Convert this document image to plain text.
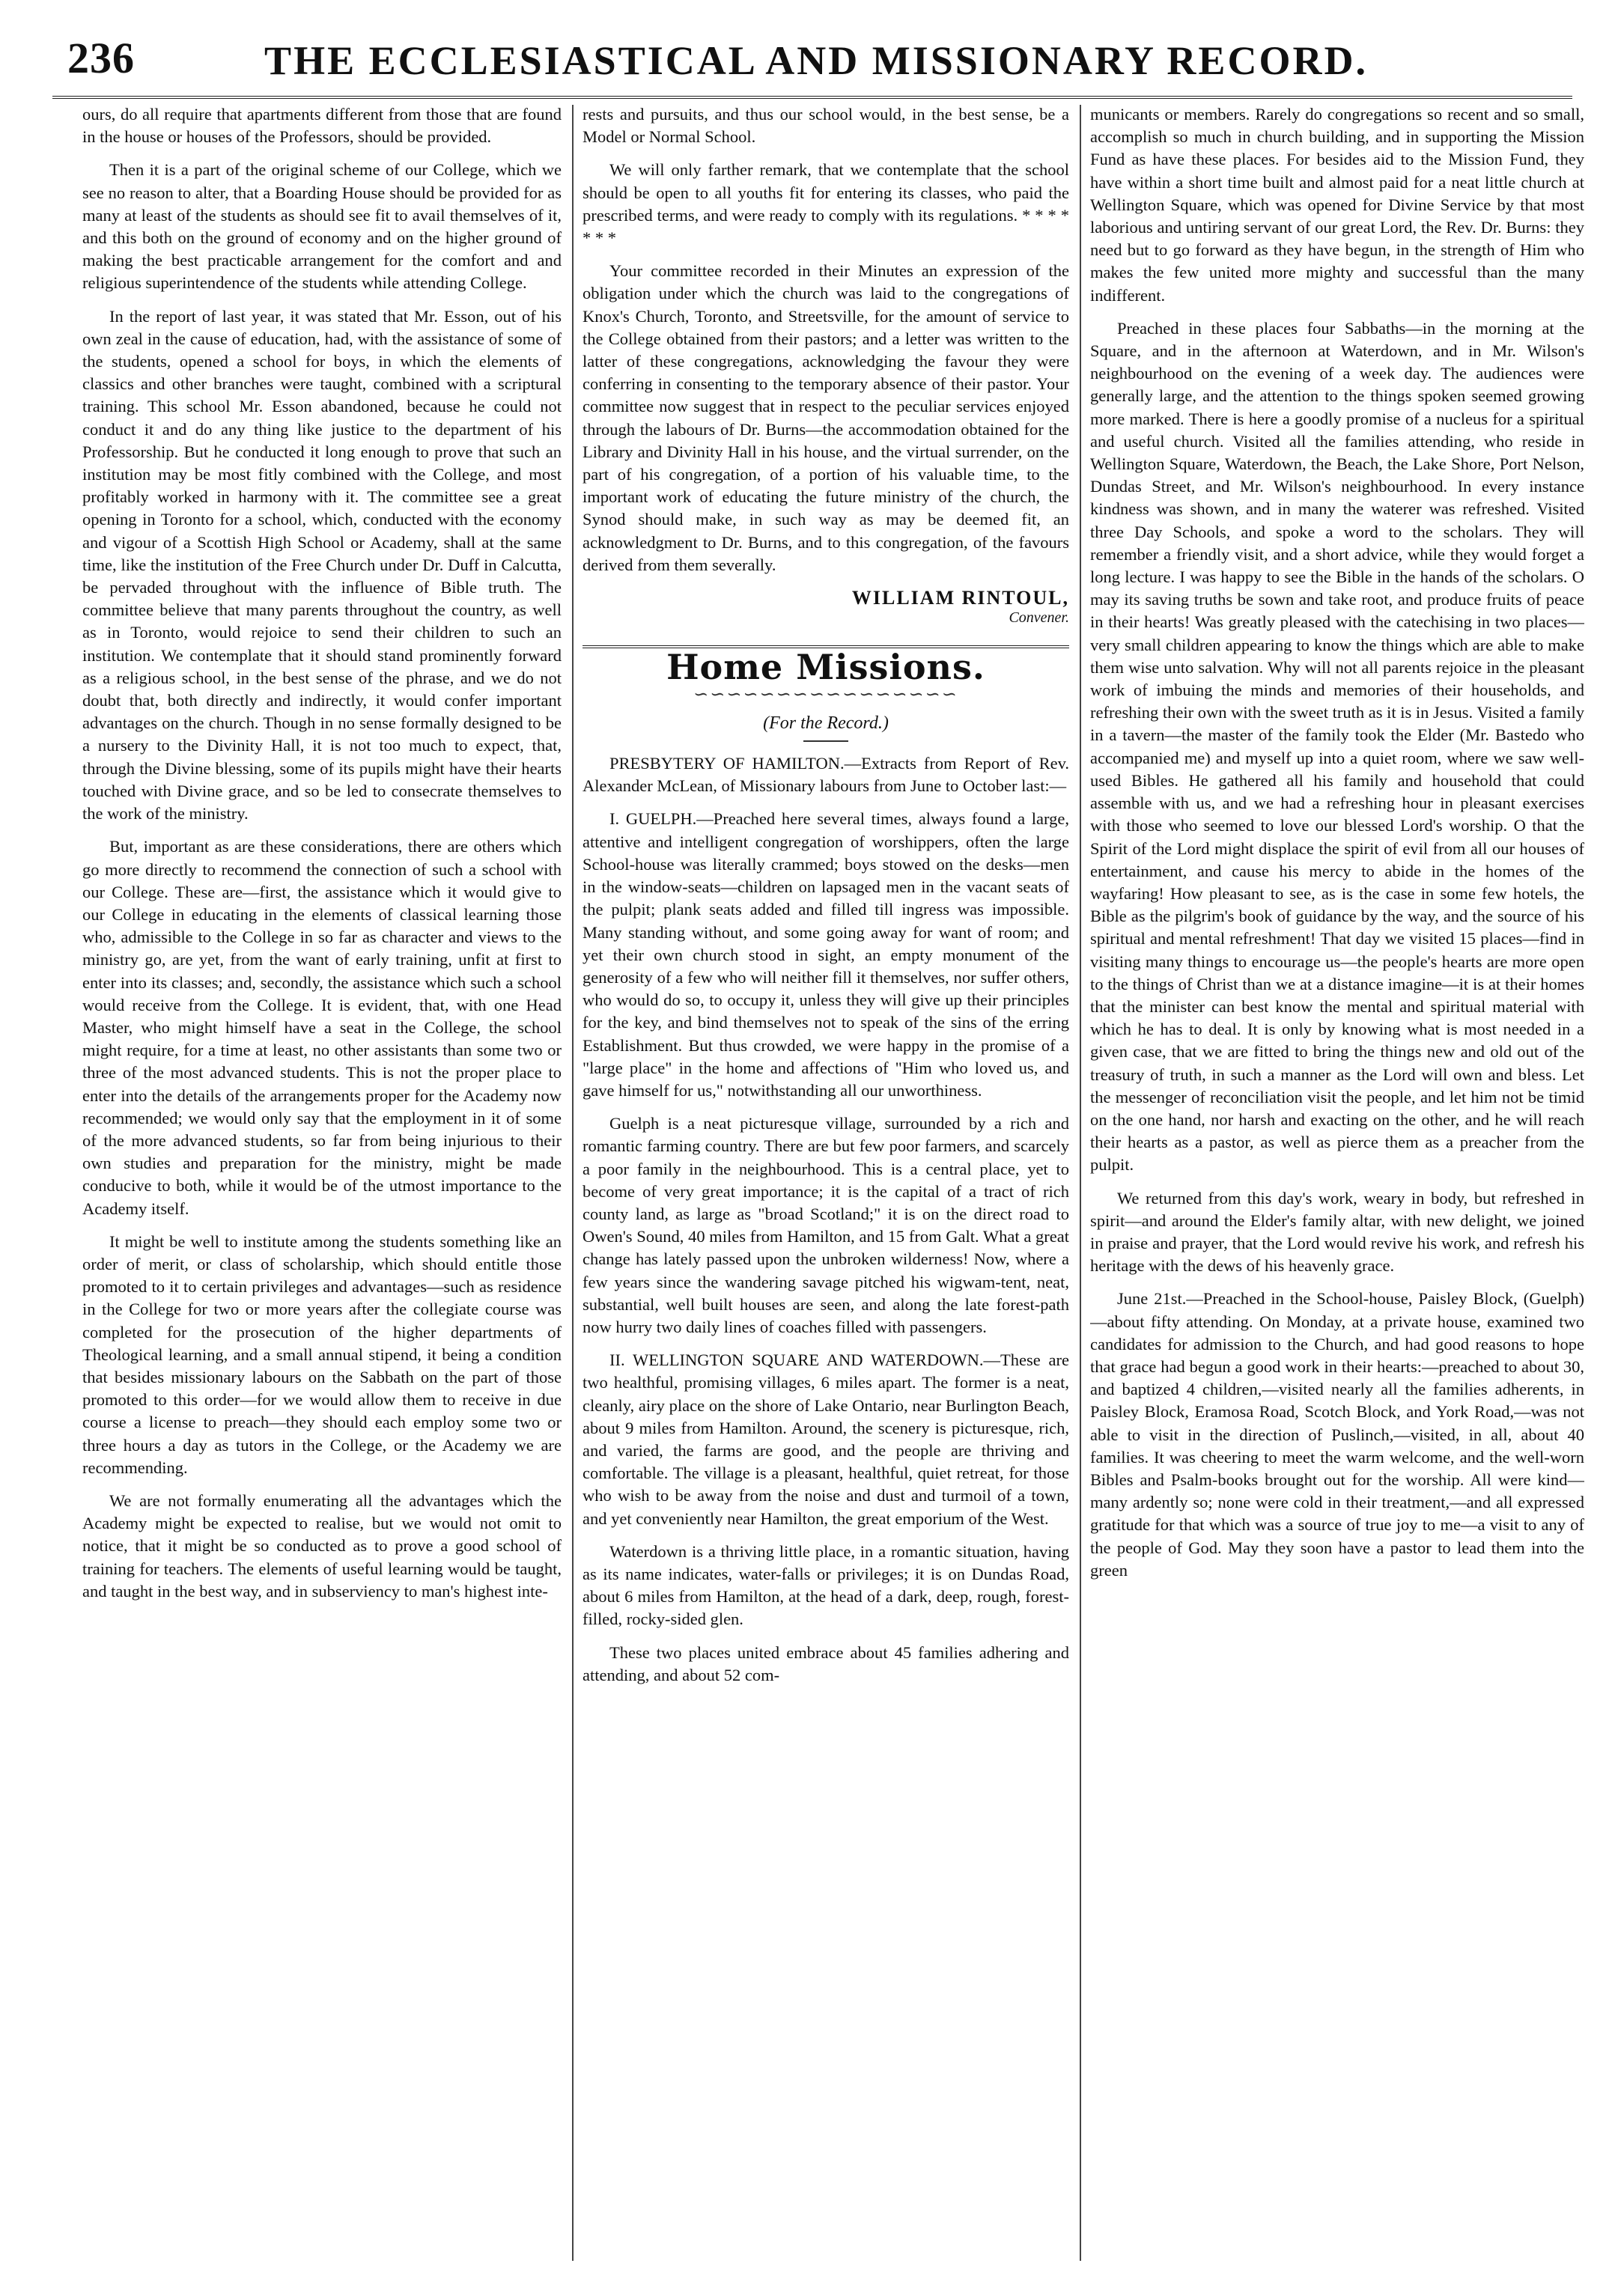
236	THE ECCLESIASTICAL AND MISSIONARY RECORD.

ours, do all require that apartments different from those that are found in the house or houses of the Professors, should be provided.

Then it is a part of the original scheme of our College, which we see no reason to alter, that a Boarding House should be provided for as many at least of the students as should see fit to avail themselves of it, and this both on the ground of economy and on the higher ground of making the best practicable arrangement for the comfort and and religious superintendence of the students while attending College.

In the report of last year, it was stated that Mr. Esson, out of his own zeal in the cause of education, had, with the assistance of some of the students, opened a school for boys, in which the elements of classics and other branches were taught, combined with a scriptural training. This school Mr. Esson abandoned, because he could not conduct it and do any thing like justice to the department of his Professorship. But he conducted it long enough to prove that such an institution may be most fitly combined with the College, and most profitably worked in harmony with it. The committee see a great opening in Toronto for a school, which, conducted with the economy and vigour of a Scottish High School or Academy, shall at the same time, like the institution of the Free Church under Dr. Duff in Calcutta, be pervaded throughout with the influence of Bible truth. The committee believe that many parents throughout the country, as well as in Toronto, would rejoice to send their children to such an institution. We contemplate that it should stand prominently forward as a religious school, in the best sense of the phrase, and we do not doubt that, both directly and indirectly, it would confer important advantages on the church. Though in no sense formally designed to be a nursery to the Divinity Hall, it is not too much to expect, that, through the Divine blessing, some of its pupils might have their hearts touched with Divine grace, and so be led to consecrate themselves to the work of the ministry.

But, important as are these considerations, there are others which go more directly to recommend the connection of such a school with our College. These are—first, the assistance which it would give to our College in educating in the elements of classical learning those who, admissible to the College in so far as character and views to the ministry go, are yet, from the want of early training, unfit at first to enter into its classes; and, secondly, the assistance which such a school would receive from the College. It is evident, that, with one Head Master, who might himself have a seat in the College, the school might require, for a time at least, no other assistants than some two or three of the most advanced students. This is not the proper place to enter into the details of the arrangements proper for the Academy now recommended; we would only say that the employment in it of some of the more advanced students, so far from being injurious to their own studies and preparation for the ministry, might be made conducive to both, while it would be of the utmost importance to the Academy itself.

It might be well to institute among the students something like an order of merit, or class of scholarship, which should entitle those promoted to it to certain privileges and advantages—such as residence in the College for two or more years after the collegiate course was completed for the prosecution of the higher departments of Theological learning, and a small annual stipend, it being a condition that besides missionary labours on the Sabbath on the part of those promoted to this order—for we would allow them to receive in due course a license to preach—they should each employ some two or three hours a day as tutors in the College, or the Academy we are recommending.

We are not formally enumerating all the advantages which the Academy might be expected to realise, but we would not omit to notice, that it might be so conducted as to prove a good school of training for teachers. The elements of useful learning would be taught, and taught in the best way, and in subserviency to man's highest inte-

rests and pursuits, and thus our school would, in the best sense, be a Model or Normal School.

We will only farther remark, that we contemplate that the school should be open to all youths fit for entering its classes, who paid the prescribed terms, and were ready to comply with its regulations. * * * * * * *

Your committee recorded in their Minutes an expression of the obligation under which the church was laid to the congregations of Knox's Church, Toronto, and Streetsville, for the amount of service to the College obtained from their pastors; and a letter was written to the latter of these congregations, acknowledging the favour they were conferring in consenting to the temporary absence of their pastor. Your committee now suggest that in respect to the peculiar services enjoyed through the labours of Dr. Burns—the accommodation obtained for the Library and Divinity Hall in his house, and the virtual surrender, on the part of his congregation, of a portion of his valuable time, to the important work of educating the future ministry of the church, the Synod should make, in such way as may be deemed fit, an acknowledgment to Dr. Burns, and to this congregation, of the favours derived from them severally.

WILLIAM RINTOUL,
Convener.
Home Missions.
∽∽∽∽∽∽∽∽∽∽∽∽∽∽∽∽
(For the Record.)

PRESBYTERY OF HAMILTON.—Extracts from Report of Rev. Alexander McLean, of Missionary labours from June to October last:—

I. GUELPH.—Preached here several times, always found a large, attentive and intelligent congregation of worshippers, often the large School-house was literally crammed; boys stowed on the desks—men in the window-seats—children on lapsaged men in the vacant seats of the pulpit; plank seats added and filled till ingress was impossible. Many standing without, and some going away for want of room; and yet their own church stood in sight, an empty monument of the generosity of a few who will neither fill it themselves, nor suffer others, who would do so, to occupy it, unless they will give up their principles for the key, and bind themselves not to speak of the sins of the erring Establishment. But thus crowded, we were happy in the promise of a "large place" in the home and affections of "Him who loved us, and gave himself for us," notwithstanding all our unworthiness.

Guelph is a neat picturesque village, surrounded by a rich and romantic farming country. There are but few poor farmers, and scarcely a poor family in the neighbourhood. This is a central place, yet to become of very great importance; it is the capital of a tract of rich county land, as large as "broad Scotland;" it is on the direct road to Owen's Sound, 40 miles from Hamilton, and 15 from Galt. What a great change has lately passed upon the unbroken wilderness! Now, where a few years since the wandering savage pitched his wigwam-tent, neat, substantial, well built houses are seen, and along the late forest-path now hurry two daily lines of coaches filled with passengers.

II. WELLINGTON SQUARE AND WATERDOWN.—These are two healthful, promising villages, 6 miles apart. The former is a neat, cleanly, airy place on the shore of Lake Ontario, near Burlington Beach, about 9 miles from Hamilton. Around, the scenery is picturesque, rich, and varied, the farms are good, and the people are thriving and comfortable. The village is a pleasant, healthful, quiet retreat, for those who wish to be away from the noise and dust and turmoil of a town, and yet conveniently near Hamilton, the great emporium of the West.

Waterdown is a thriving little place, in a romantic situation, having as its name indicates, water-falls or privileges; it is on Dundas Road, about 6 miles from Hamilton, at the head of a dark, deep, rough, forest-filled, rocky-sided glen.

These two places united embrace about 45 families adhering and attending, and about 52 com-

municants or members. Rarely do congregations so recent and so small, accomplish so much in church building, and in supporting the Mission Fund as have these places. For besides aid to the Mission Fund, they have within a short time built and almost paid for a neat little church at Wellington Square, which was opened for Divine Service by that most laborious and untiring servant of our great Lord, the Rev. Dr. Burns: they need but to go forward as they have begun, in the strength of Him who makes the few united more mighty and successful than the many indifferent.

Preached in these places four Sabbaths—in the morning at the Square, and in the afternoon at Waterdown, and in Mr. Wilson's neighbourhood on the evening of a week day. The audiences were generally large, and the attention to the things spoken seemed growing more marked. There is here a goodly promise of a nucleus for a spiritual and useful church. Visited all the families attending, who reside in Wellington Square, Waterdown, the Beach, the Lake Shore, Port Nelson, Dundas Street, and Mr. Wilson's neighbourhood. In every instance kindness was shown, and in many the waterer was refreshed. Visited three Day Schools, and spoke a word to the scholars. They will remember a friendly visit, and a short advice, while they would forget a long lecture. I was happy to see the Bible in the hands of the scholars. O may its saving truths be sown and take root, and produce fruits of peace in their hearts! Was greatly pleased with the catechising in two places—very small children appearing to know the things which are able to make them wise unto salvation. Why will not all parents rejoice in the pleasant work of imbuing the minds and memories of their households, and refreshing their own with the sweet truth as it is in Jesus. Visited a family in a tavern—the master of the family took the Elder (Mr. Bastedo who accompanied me) and myself up into a quiet room, where we saw well-used Bibles. He gathered all his family and household that could assemble with us, and we had a refreshing hour in pleasant exercises with those who seemed to love our blessed Lord's worship. O that the Spirit of the Lord might displace the spirit of evil from all our houses of entertainment, and cause his mercy to abide in the homes of the wayfaring! How pleasant to see, as is the case in some few hotels, the Bible as the pilgrim's book of guidance by the way, and the source of his spiritual and mental refreshment! That day we visited 15 places—find in visiting many things to encourage us—the people's hearts are more open to the things of Christ than we at a distance imagine—it is at their homes that the minister can best know the mental and spiritual material with which he has to deal. It is only by knowing what is most needed in a given case, that we are fitted to bring the things new and old out of the treasury of truth, in such a manner as the Lord will own and bless. Let the messenger of reconciliation visit the people, and let him not be timid on the one hand, nor harsh and exacting on the other, and he will reach their hearts as a pastor, as well as pierce them as a preacher from the pulpit.

We returned from this day's work, weary in body, but refreshed in spirit—and around the Elder's family altar, with new delight, we joined in praise and prayer, that the Lord would revive his work, and refresh his heritage with the dews of his heavenly grace.

June 21st.—Preached in the School-house, Paisley Block, (Guelph)—about fifty attending. On Monday, at a private house, examined two candidates for admission to the Church, and had good reasons to hope that grace had begun a good work in their hearts:—preached to about 30, and baptized 4 children,—visited nearly all the families adherents, in Paisley Block, Eramosa Road, Scotch Block, and York Road,—was not able to visit in the direction of Puslinch,—visited, in all, about 40 families. It was cheering to meet the warm welcome, and the well-worn Bibles and Psalm-books brought out for the worship. All were kind—many ardently so; none were cold in their treatment,—and all expressed gratitude for that which was a source of true joy to me—a visit to any of the people of God. May they soon have a pastor to lead them into the green
